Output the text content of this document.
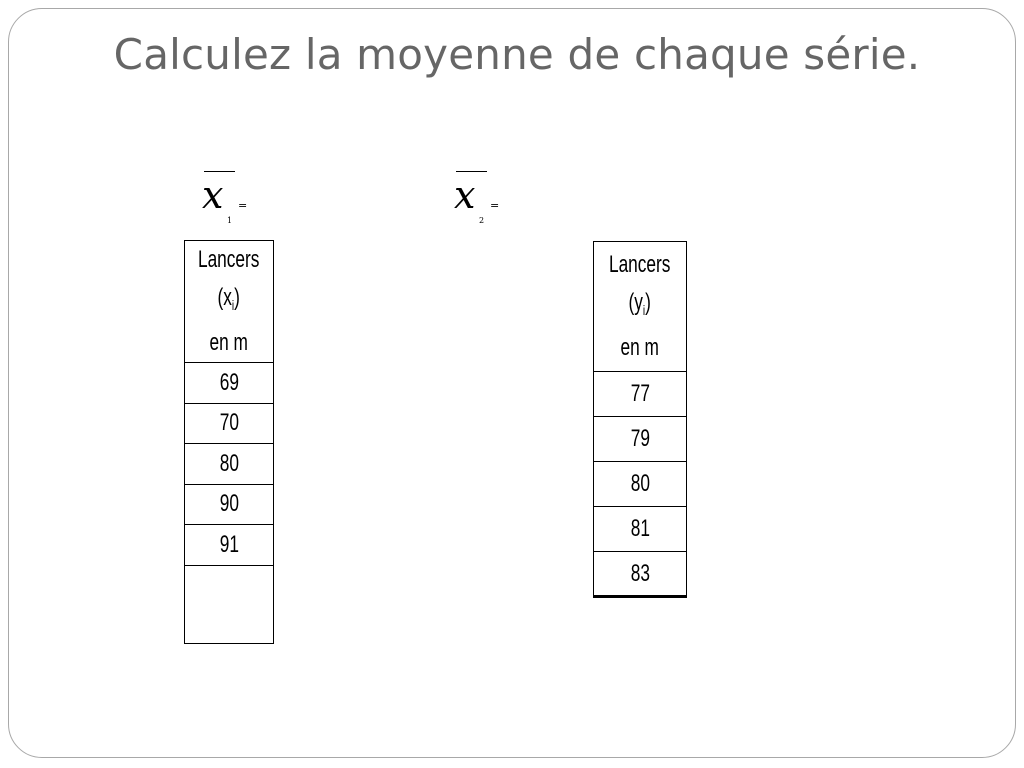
Calculez la moyenne de chaque série.
x
1
=	x
2
=
Lancers
$(x_i)$
en m
69
70
80
90
91

Lancers
$(y_i)$
en m
77
79
80
81
83
